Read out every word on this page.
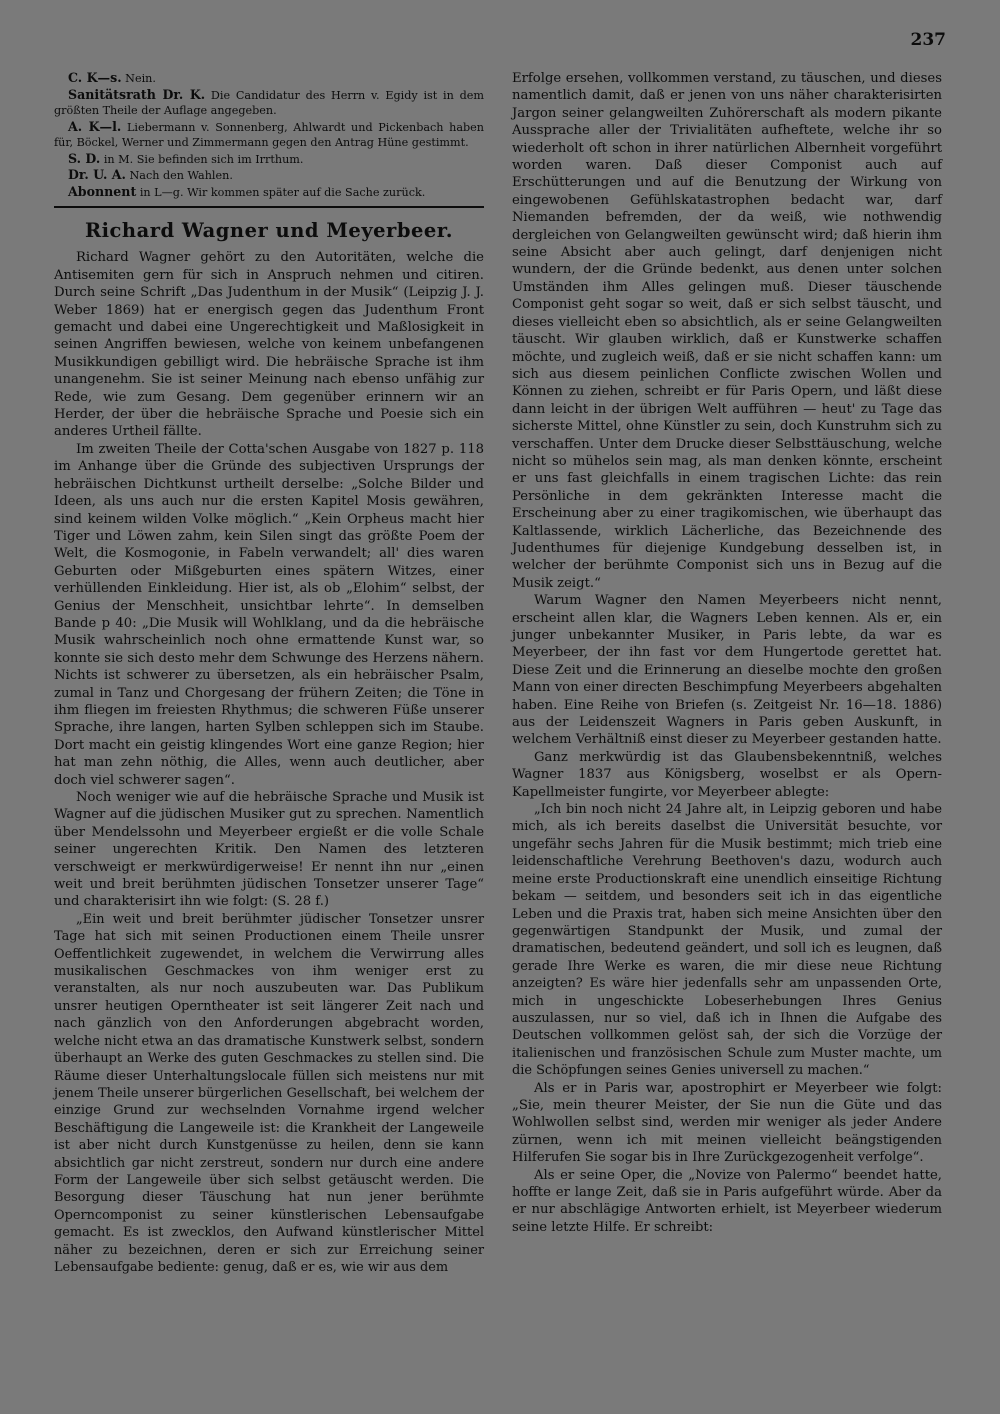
237

C. K—s. Nein.

Sanitätsrath Dr. K. Die Candidatur des Herrn v. Egidy ist in dem größten Theile der Auflage angegeben.

A. K—l. Liebermann v. Sonnenberg, Ahlwardt und Pickenbach haben für, Böckel, Werner und Zimmermann gegen den Antrag Hüne gestimmt.

S. D. in M. Sie befinden sich im Irrthum.

Dr. U. A. Nach den Wahlen.

Abonnent in L—g. Wir kommen später auf die Sache zurück.

Richard Wagner und Meyerbeer.

Richard Wagner gehört zu den Autoritäten, welche die Antisemiten gern für sich in Anspruch nehmen und citiren. Durch seine Schrift „Das Judenthum in der Musik“ (Leipzig J. J. Weber 1869) hat er energisch gegen das Judenthum Front gemacht und dabei eine Ungerechtigkeit und Maßlosigkeit in seinen Angriffen bewiesen, welche von keinem unbefangenen Musikkundigen gebilligt wird. Die hebräische Sprache ist ihm unangenehm. Sie ist seiner Meinung nach ebenso unfähig zur Rede, wie zum Gesang. Dem gegenüber erinnern wir an Herder, der über die hebräische Sprache und Poesie sich ein anderes Urtheil fällte.

Im zweiten Theile der Cotta'schen Ausgabe von 1827 p. 118 im Anhange über die Gründe des subjectiven Ursprungs der hebräischen Dichtkunst urtheilt derselbe: „Solche Bilder und Ideen, als uns auch nur die ersten Kapitel Mosis gewähren, sind keinem wilden Volke möglich.“ „Kein Orpheus macht hier Tiger und Löwen zahm, kein Silen singt das größte Poem der Welt, die Kosmogonie, in Fabeln verwandelt; all' dies waren Geburten oder Mißgeburten eines spätern Witzes, einer verhüllenden Einkleidung. Hier ist, als ob „Elohim“ selbst, der Genius der Menschheit, unsichtbar lehrte“. In demselben Bande p 40: „Die Musik will Wohlklang, und da die hebräische Musik wahrscheinlich noch ohne ermattende Kunst war, so konnte sie sich desto mehr dem Schwunge des Herzens nähern. Nichts ist schwerer zu übersetzen, als ein hebräischer Psalm, zumal in Tanz und Chorgesang der frühern Zeiten; die Töne in ihm fliegen im freiesten Rhythmus; die schweren Füße unserer Sprache, ihre langen, harten Sylben schleppen sich im Staube. Dort macht ein geistig klingendes Wort eine ganze Region; hier hat man zehn nöthig, die Alles, wenn auch deutlicher, aber doch viel schwerer sagen“.

Noch weniger wie auf die hebräische Sprache und Musik ist Wagner auf die jüdischen Musiker gut zu sprechen. Namentlich über Mendelssohn und Meyerbeer ergießt er die volle Schale seiner ungerechten Kritik. Den Namen des letzteren verschweigt er merkwürdigerweise! Er nennt ihn nur „einen weit und breit berühmten jüdischen Tonsetzer unserer Tage“ und charakterisirt ihn wie folgt: (S. 28 f.)

„Ein weit und breit berühmter jüdischer Tonsetzer unsrer Tage hat sich mit seinen Productionen einem Theile unsrer Oeffentlichkeit zugewendet, in welchem die Verwirrung alles musikalischen Geschmackes von ihm weniger erst zu veranstalten, als nur noch auszubeuten war. Das Publikum unsrer heutigen Operntheater ist seit längerer Zeit nach und nach gänzlich von den Anforderungen abgebracht worden, welche nicht etwa an das dramatische Kunstwerk selbst, sondern überhaupt an Werke des guten Geschmackes zu stellen sind. Die Räume dieser Unterhaltungslocale füllen sich meistens nur mit jenem Theile unserer bürgerlichen Gesellschaft, bei welchem der einzige Grund zur wechselnden Vornahme irgend welcher Beschäftigung die Langeweile ist: die Krankheit der Langeweile ist aber nicht durch Kunstgenüsse zu heilen, denn sie kann absichtlich gar nicht zerstreut, sondern nur durch eine andere Form der Langeweile über sich selbst getäuscht werden. Die Besorgung dieser Täuschung hat nun jener berühmte Operncomponist zu seiner künstlerischen Lebensaufgabe gemacht. Es ist zwecklos, den Aufwand künstlerischer Mittel näher zu bezeichnen, deren er sich zur Erreichung seiner Lebensaufgabe bediente: genug, daß er es, wie wir aus dem

Erfolge ersehen, vollkommen verstand, zu täuschen, und dieses namentlich damit, daß er jenen von uns näher charakterisirten Jargon seiner gelangweilten Zuhörerschaft als modern pikante Aussprache aller der Trivialitäten aufheftete, welche ihr so wiederholt oft schon in ihrer natürlichen Albernheit vorgeführt worden waren. Daß dieser Componist auch auf Erschütterungen und auf die Benutzung der Wirkung von eingewobenen Gefühlskatastrophen bedacht war, darf Niemanden befremden, der da weiß, wie nothwendig dergleichen von Gelangweilten gewünscht wird; daß hierin ihm seine Absicht aber auch gelingt, darf denjenigen nicht wundern, der die Gründe bedenkt, aus denen unter solchen Umständen ihm Alles gelingen muß. Dieser täuschende Componist geht sogar so weit, daß er sich selbst täuscht, und dieses vielleicht eben so absichtlich, als er seine Gelangweilten täuscht. Wir glauben wirklich, daß er Kunstwerke schaffen möchte, und zugleich weiß, daß er sie nicht schaffen kann: um sich aus diesem peinlichen Conflicte zwischen Wollen und Können zu ziehen, schreibt er für Paris Opern, und läßt diese dann leicht in der übrigen Welt aufführen — heut' zu Tage das sicherste Mittel, ohne Künstler zu sein, doch Kunstruhm sich zu verschaffen. Unter dem Drucke dieser Selbsttäuschung, welche nicht so mühelos sein mag, als man denken könnte, erscheint er uns fast gleichfalls in einem tragischen Lichte: das rein Persönliche in dem gekränkten Interesse macht die Erscheinung aber zu einer tragikomischen, wie überhaupt das Kaltlassende, wirklich Lächerliche, das Bezeichnende des Judenthumes für diejenige Kundgebung desselben ist, in welcher der berühmte Componist sich uns in Bezug auf die Musik zeigt.“

Warum Wagner den Namen Meyerbeers nicht nennt, erscheint allen klar, die Wagners Leben kennen. Als er, ein junger unbekannter Musiker, in Paris lebte, da war es Meyerbeer, der ihn fast vor dem Hungertode gerettet hat. Diese Zeit und die Erinnerung an dieselbe mochte den großen Mann von einer directen Beschimpfung Meyerbeers abgehalten haben. Eine Reihe von Briefen (s. Zeitgeist Nr. 16—18. 1886) aus der Leidenszeit Wagners in Paris geben Auskunft, in welchem Verhältniß einst dieser zu Meyerbeer gestanden hatte.

Ganz merkwürdig ist das Glaubensbekenntniß, welches Wagner 1837 aus Königsberg, woselbst er als Opern-Kapellmeister fungirte, vor Meyerbeer ablegte:

„Ich bin noch nicht 24 Jahre alt, in Leipzig geboren und habe mich, als ich bereits daselbst die Universität besuchte, vor ungefähr sechs Jahren für die Musik bestimmt; mich trieb eine leidenschaftliche Verehrung Beethoven's dazu, wodurch auch meine erste Productionskraft eine unendlich einseitige Richtung bekam — seitdem, und besonders seit ich in das eigentliche Leben und die Praxis trat, haben sich meine Ansichten über den gegenwärtigen Standpunkt der Musik, und zumal der dramatischen, bedeutend geändert, und soll ich es leugnen, daß gerade Ihre Werke es waren, die mir diese neue Richtung anzeigten? Es wäre hier jedenfalls sehr am unpassenden Orte, mich in ungeschickte Lobeserhebungen Ihres Genius auszulassen, nur so viel, daß ich in Ihnen die Aufgabe des Deutschen vollkommen gelöst sah, der sich die Vorzüge der italienischen und französischen Schule zum Muster machte, um die Schöpfungen seines Genies universell zu machen.“

Als er in Paris war, apostrophirt er Meyerbeer wie folgt: „Sie, mein theurer Meister, der Sie nun die Güte und das Wohlwollen selbst sind, werden mir weniger als jeder Andere zürnen, wenn ich mit meinen vielleicht beängstigenden Hilferufen Sie sogar bis in Ihre Zurückgezogenheit verfolge“.

Als er seine Oper, die „Novize von Palermo“ beendet hatte, hoffte er lange Zeit, daß sie in Paris aufgeführt würde. Aber da er nur abschlägige Antworten erhielt, ist Meyerbeer wiederum seine letzte Hilfe. Er schreibt:
